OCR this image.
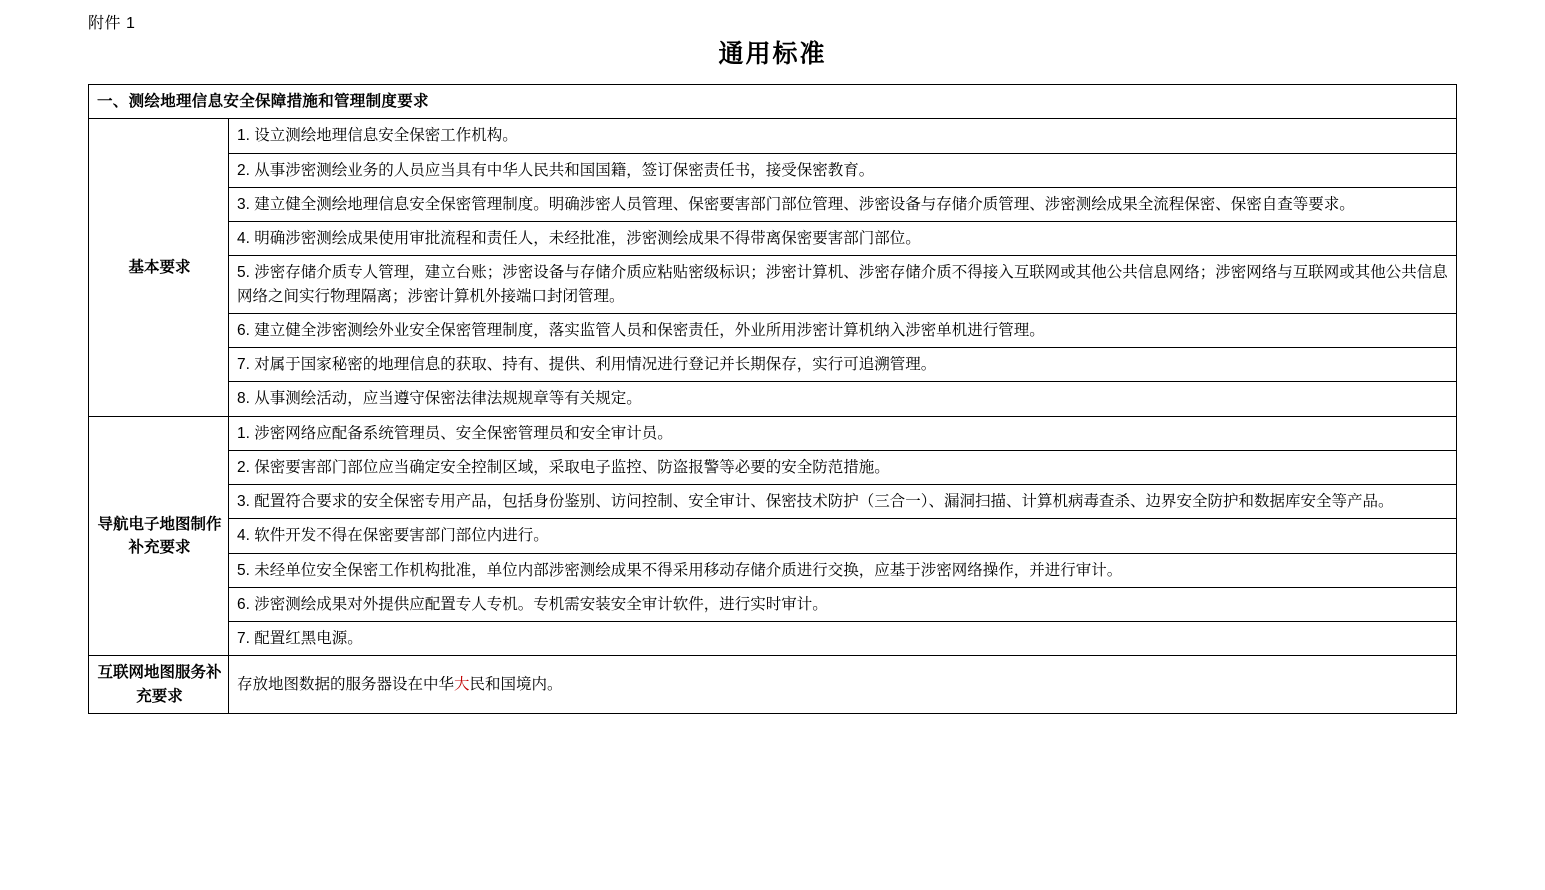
附件 1
通用标准
一、测绘地理信息安全保障措施和管理制度要求	
基本要求	1. 设立测绘地理信息安全保密工作机构。
	2. 从事涉密测绘业务的人员应当具有中华人民共和国国籍，签订保密责任书，接受保密教育。
	3. 建立健全测绘地理信息安全保密管理制度。明确涉密人员管理、保密要害部门部位管理、涉密设备与存储介质管理、涉密测绘成果全流程保密、保密自查等要求。
	4. 明确涉密测绘成果使用审批流程和责任人，未经批准，涉密测绘成果不得带离保密要害部门部位。
	5. 涉密存储介质专人管理，建立台账；涉密设备与存储介质应粘贴密级标识；涉密计算机、涉密存储介质不得接入互联网或其他公共信息网络；涉密网络与互联网或其他公共信息网络之间实行物理隔离；涉密计算机外接端口封闭管理。
	6. 建立健全涉密测绘外业安全保密管理制度，落实监管人员和保密责任，外业所用涉密计算机纳入涉密单机进行管理。
	7. 对属于国家秘密的地理信息的获取、持有、提供、利用情况进行登记并长期保存，实行可追溯管理。
	8. 从事测绘活动，应当遵守保密法律法规规章等有关规定。
导航电子地图制作补充要求	1. 涉密网络应配备系统管理员、安全保密管理员和安全审计员。
	2. 保密要害部门部位应当确定安全控制区域，采取电子监控、防盗报警等必要的安全防范措施。
	3. 配置符合要求的安全保密专用产品，包括身份鉴别、访问控制、安全审计、保密技术防护（三合一）、漏洞扫描、计算机病毒查杀、边界安全防护和数据库安全等产品。
	4. 软件开发不得在保密要害部门部位内进行。
	5. 未经单位安全保密工作机构批准，单位内部涉密测绘成果不得采用移动存储介质进行交换，应基于涉密网络操作，并进行审计。
	6. 涉密测绘成果对外提供应配置专人专机。专机需安装安全审计软件，进行实时审计。
	7. 配置红黑电源。
互联网地图服务补充要求	存放地图数据的服务器设在中华大民和国境内。
